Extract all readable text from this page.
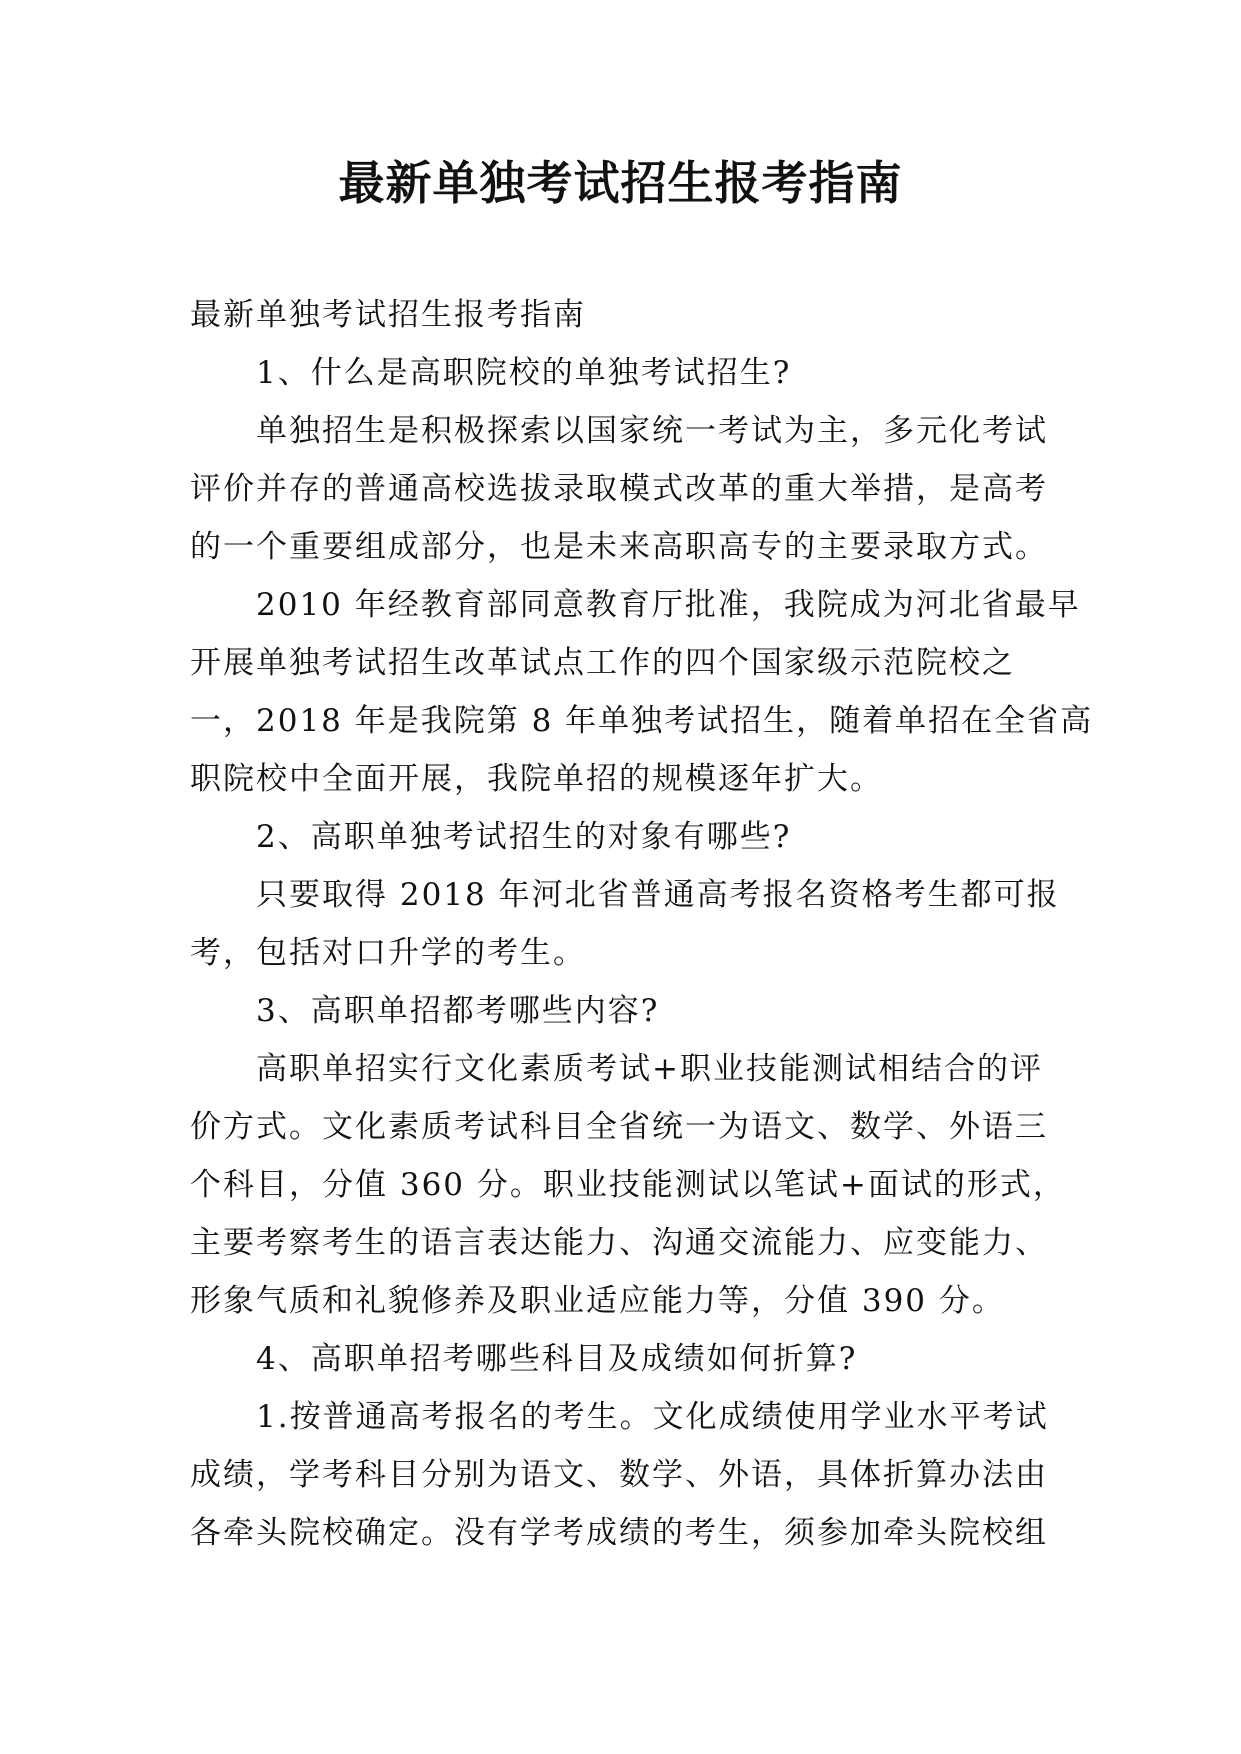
最新单独考试招生报考指南

最新单独考试招生报考指南

1、什么是高职院校的单独考试招生?

单独招生是积极探索以国家统一考试为主，多元化考试

评价并存的普通高校选拔录取模式改革的重大举措，是高考

的一个重要组成部分，也是未来高职高专的主要录取方式。

2010 年经教育部同意教育厅批准，我院成为河北省最早

开展单独考试招生改革试点工作的四个国家级示范院校之

一，2018 年是我院第 8 年单独考试招生，随着单招在全省高

职院校中全面开展，我院单招的规模逐年扩大。

2、高职单独考试招生的对象有哪些?

只要取得 2018 年河北省普通高考报名资格考生都可报

考，包括对口升学的考生。

3、高职单招都考哪些内容?

高职单招实行文化素质考试+职业技能测试相结合的评

价方式。文化素质考试科目全省统一为语文、数学、外语三

个科目，分值 360 分。职业技能测试以笔试+面试的形式，

主要考察考生的语言表达能力、沟通交流能力、应变能力、

形象气质和礼貌修养及职业适应能力等，分值 390 分。

4、高职单招考哪些科目及成绩如何折算?

1.按普通高考报名的考生。文化成绩使用学业水平考试

成绩，学考科目分别为语文、数学、外语，具体折算办法由

各牵头院校确定。没有学考成绩的考生，须参加牵头院校组
